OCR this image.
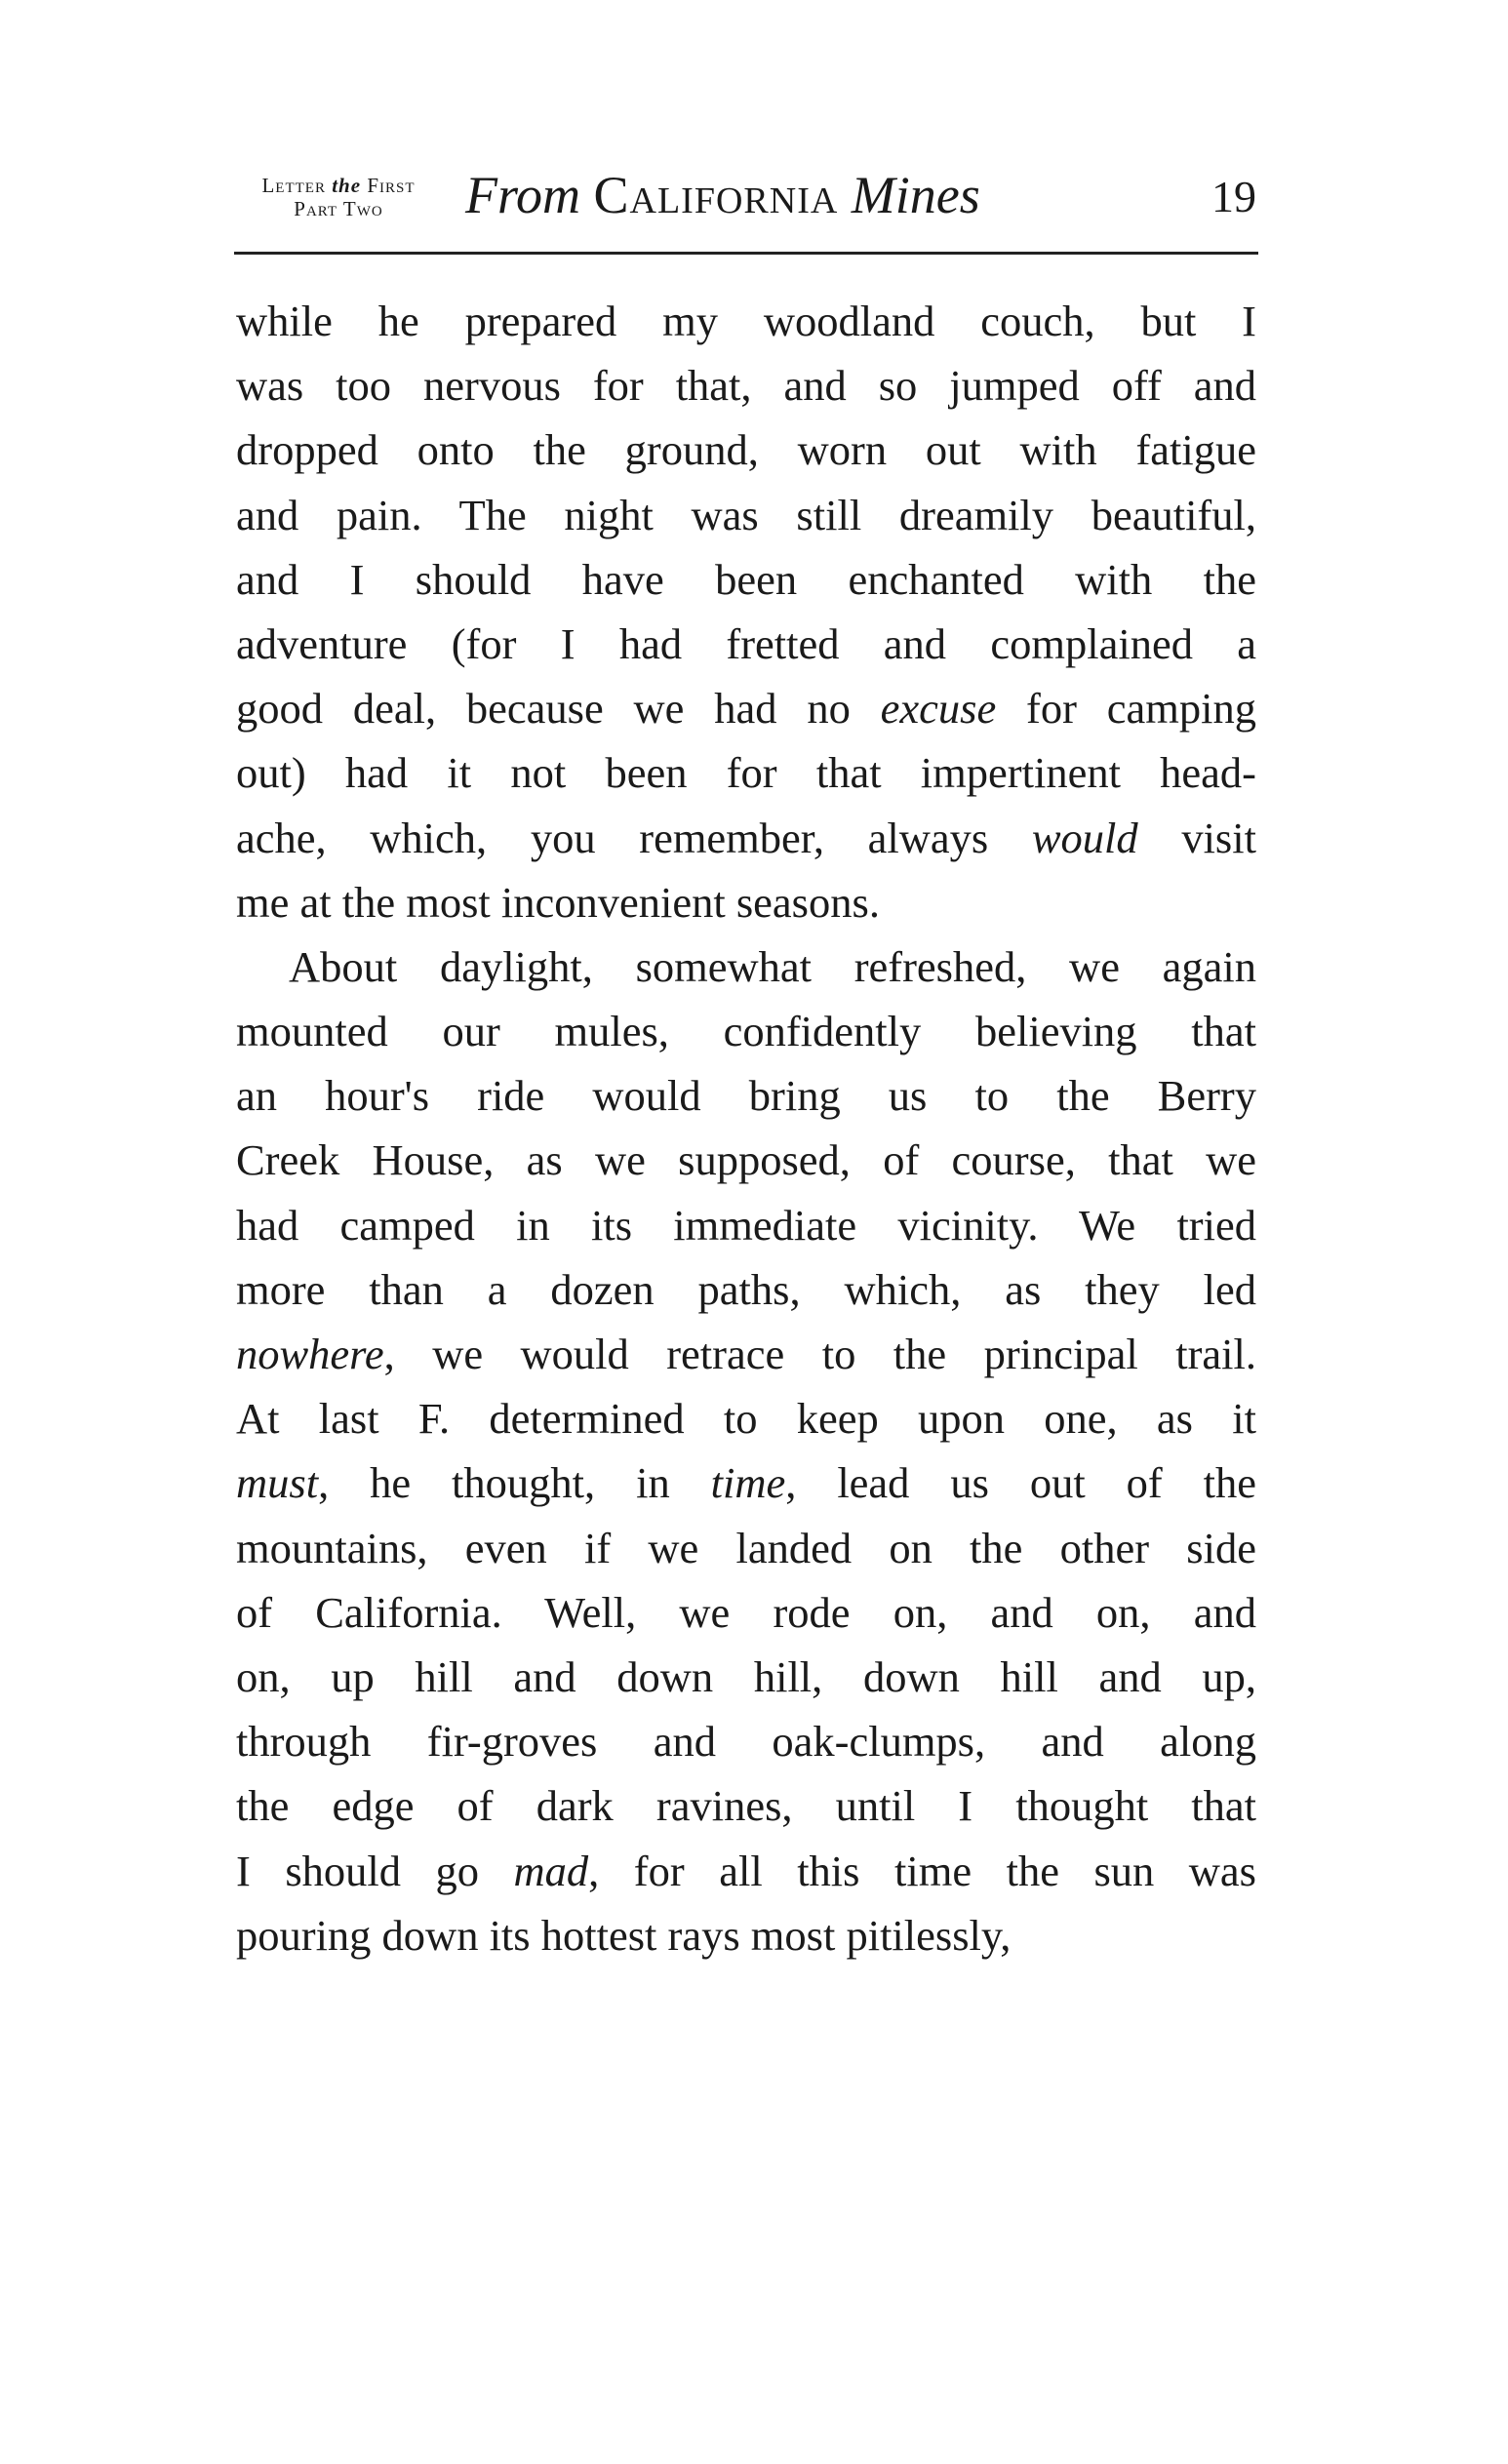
Letter the First
Part Two	From California Mines	19
while he prepared my woodland couch, but I
was too nervous for that, and so jumped off and
dropped onto the ground, worn out with fatigue
and pain. The night was still dreamily beautiful,
and I should have been enchanted with the
adventure (for I had fretted and complained a
good deal, because we had no excuse for camping
out) had it not been for that impertinent head-
ache, which, you remember, always would visit
me at the most inconvenient seasons.
About daylight, somewhat refreshed, we again
mounted our mules, confidently believing that
an hour's ride would bring us to the Berry
Creek House, as we supposed, of course, that we
had camped in its immediate vicinity. We tried
more than a dozen paths, which, as they led
nowhere, we would retrace to the principal trail.
At last F. determined to keep upon one, as it
must, he thought, in time, lead us out of the
mountains, even if we landed on the other side
of California. Well, we rode on, and on, and
on, up hill and down hill, down hill and up,
through fir-groves and oak-clumps, and along
the edge of dark ravines, until I thought that
I should go mad, for all this time the sun was
pouring down its hottest rays most pitilessly,
